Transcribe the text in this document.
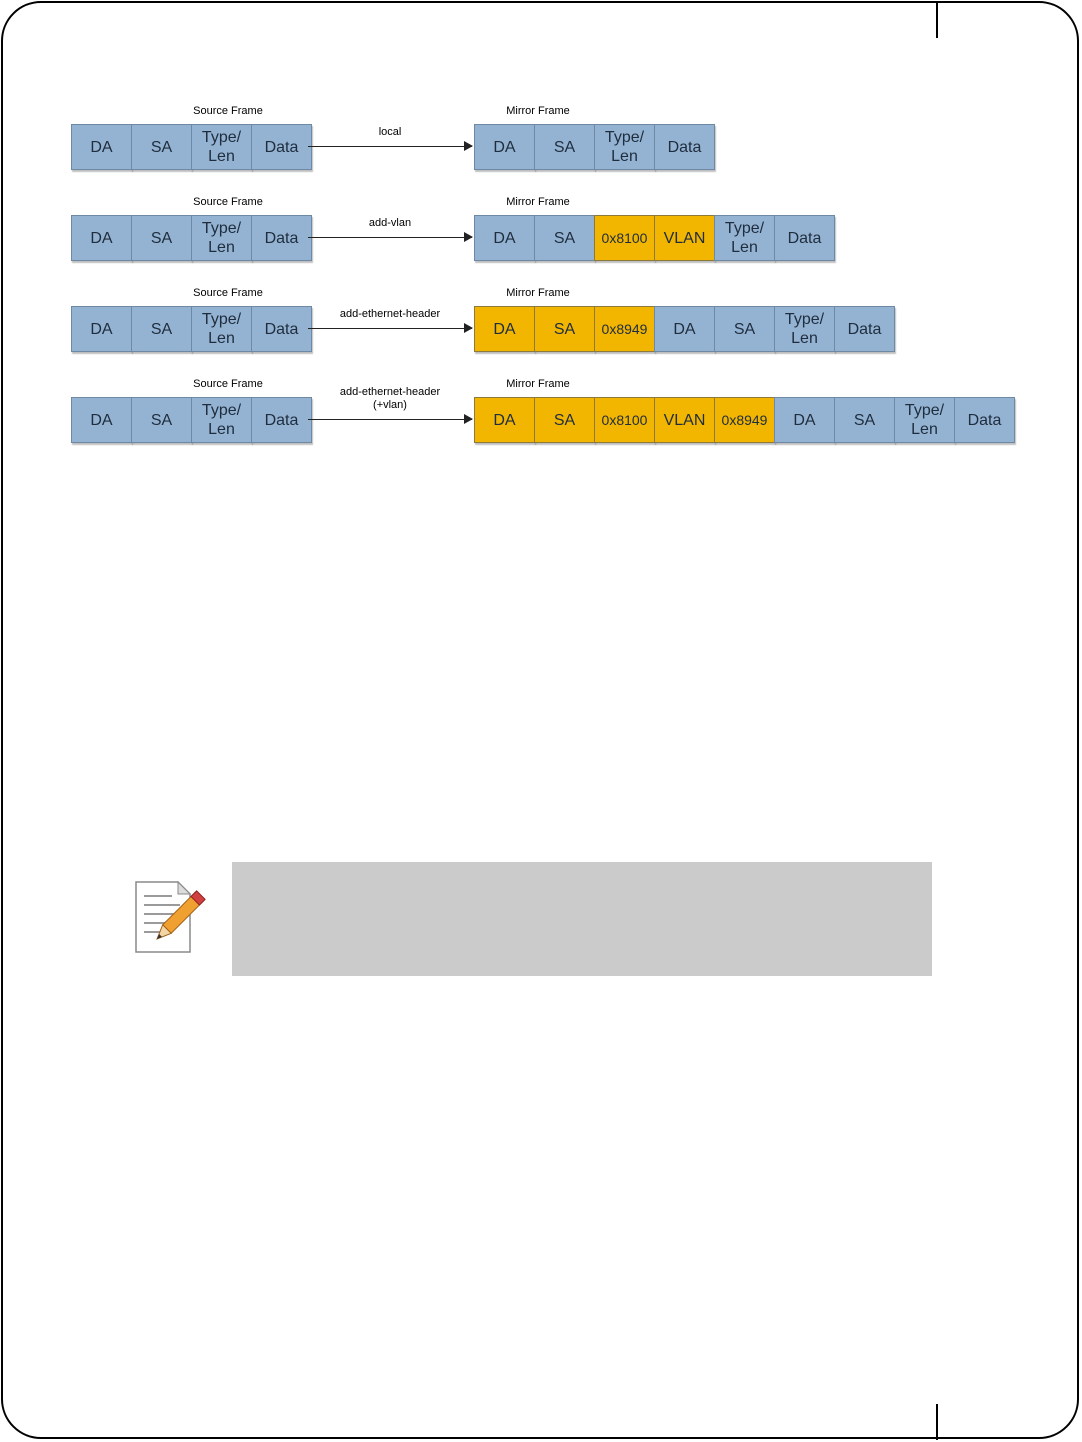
Source Frame	Mirror Frame
DA	SA
Type/
Len
Data	DA	SA
Type/
Len
Data
local
Source Frame	Mirror Frame
DA	SA
Type/
Len
Data	DA	SA	0x8100	VLAN
Type/
Len
Data
add-vlan
Source Frame	Mirror Frame
DA	SA
Type/
Len
Data	DA	SA	0x8949	DA	SA
Type/
Len
Data
add-ethernet-header
Source Frame	Mirror Frame
DA	SA
Type/
Len
Data	DA	SA	0x8100	VLAN	0x8949	DA	SA
Type/
Len
Data
add-ethernet-header
(+vlan)
